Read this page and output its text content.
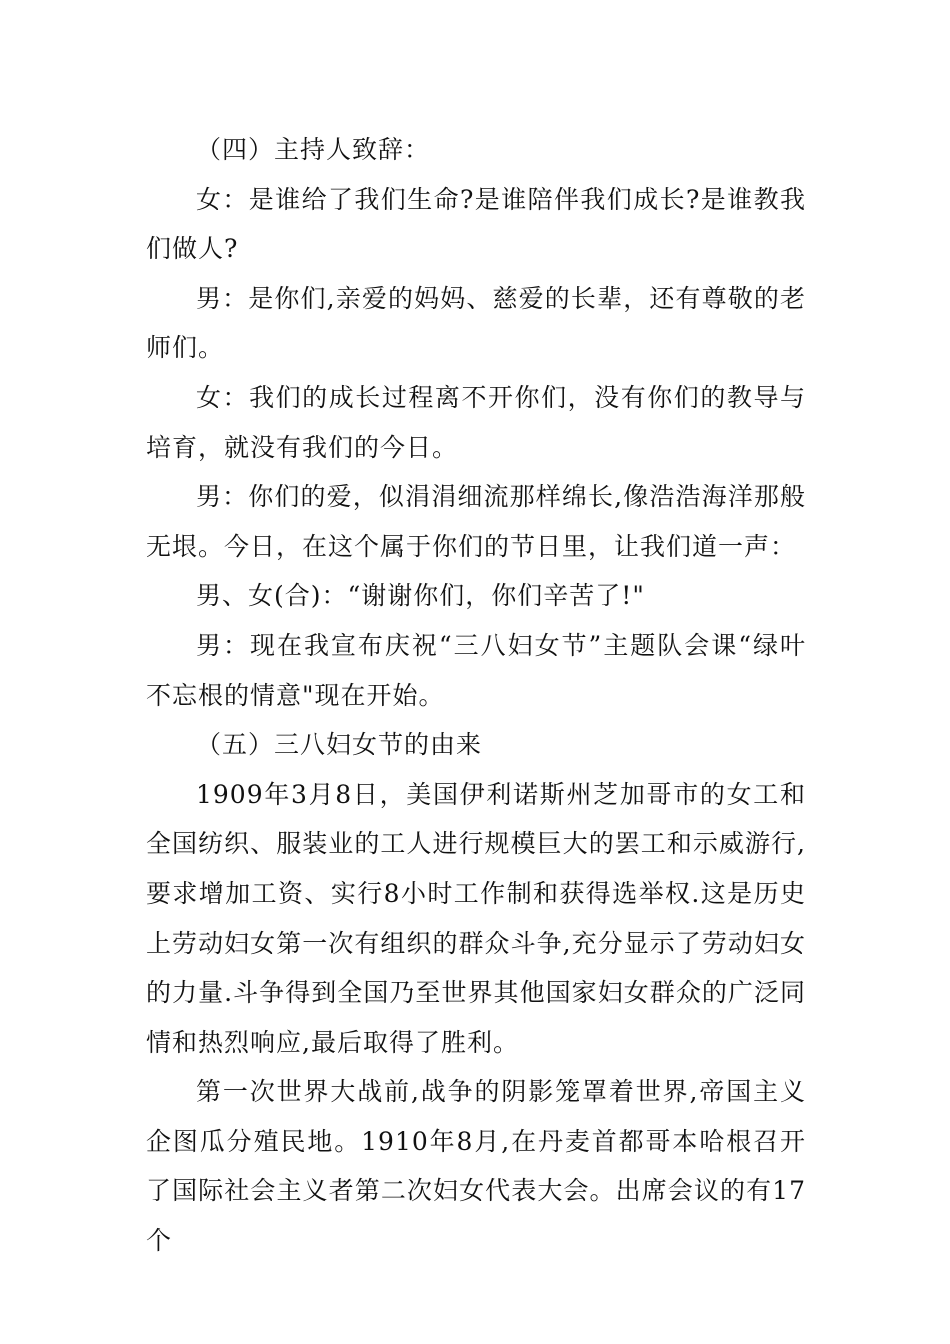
（四）主持人致辞：

女：是谁给了我们生命?是谁陪伴我们成长?是谁教我们做人?

男：是你们,亲爱的妈妈、慈爱的长辈，还有尊敬的老师们。

女：我们的成长过程离不开你们，没有你们的教导与培育，就没有我们的今日。

男：你们的爱，似涓涓细流那样绵长,像浩浩海洋那般无垠。今日，在这个属于你们的节日里，让我们道一声：

男、女(合)：“谢谢你们，你们辛苦了!"

男：现在我宣布庆祝“三八妇女节”主题队会课“绿叶不忘根的情意"现在开始。

（五）三八妇女节的由来

1909年3月8日，美国伊利诺斯州芝加哥市的女工和全国纺织、服装业的工人进行规模巨大的罢工和示威游行,要求增加工资、实行8小时工作制和获得选举权.这是历史上劳动妇女第一次有组织的群众斗争,充分显示了劳动妇女的力量.斗争得到全国乃至世界其他国家妇女群众的广泛同情和热烈响应,最后取得了胜利。

第一次世界大战前,战争的阴影笼罩着世界,帝国主义企图瓜分殖民地。1910年8月,在丹麦首都哥本哈根召开了国际社会主义者第二次妇女代表大会。出席会议的有17个
